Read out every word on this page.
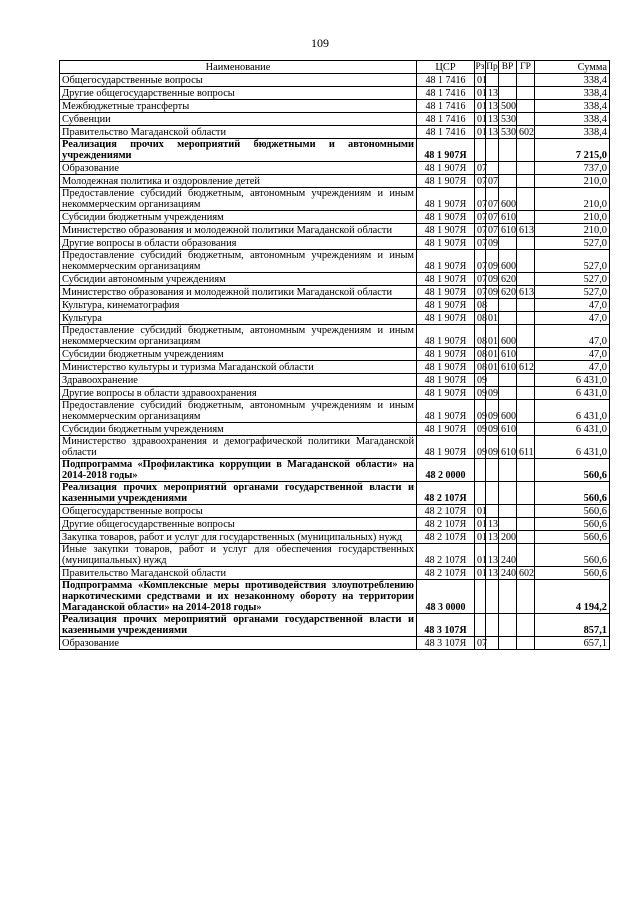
109
Наименование	ЦСР	Рз	Пр	ВР	ГР	Сумма
Общегосударственные вопросы	48 1 7416	01				338,4
Другие общегосударственные вопросы	48 1 7416	01	13			338,4
Межбюджетные трансферты	48 1 7416	01	13	500		338,4
Субвенции	48 1 7416	01	13	530		338,4
Правительство Магаданской области	48 1 7416	01	13	530	602	338,4
Реализация прочих мероприятий бюджетными и автономными учреждениями	48 1 907Я					7 215,0
Образование	48 1 907Я	07				737,0
Молодежная политика и оздоровление детей	48 1 907Я	07	07			210,0
Предоставление субсидий бюджетным, автономным учреждениям и иным некоммерческим организациям	48 1 907Я	07	07	600		210,0
Субсидии бюджетным учреждениям	48 1 907Я	07	07	610		210,0
Министерство образования и молодежной политики Магаданской области	48 1 907Я	07	07	610	613	210,0
Другие вопросы в области образования	48 1 907Я	07	09			527,0
Предоставление субсидий бюджетным, автономным учреждениям и иным некоммерческим организациям	48 1 907Я	07	09	600		527,0
Субсидии автономным учреждениям	48 1 907Я	07	09	620		527,0
Министерство образования и молодежной политики Магаданской области	48 1 907Я	07	09	620	613	527,0
Культура, кинематография	48 1 907Я	08				47,0
Культура	48 1 907Я	08	01			47,0
Предоставление субсидий бюджетным, автономным учреждениям и иным некоммерческим организациям	48 1 907Я	08	01	600		47,0
Субсидии бюджетным учреждениям	48 1 907Я	08	01	610		47,0
Министерство культуры и туризма Магаданской области	48 1 907Я	08	01	610	612	47,0
Здравоохранение	48 1 907Я	09				6 431,0
Другие вопросы в области здравоохранения	48 1 907Я	09	09			6 431,0
Предоставление субсидий бюджетным, автономным учреждениям и иным некоммерческим организациям	48 1 907Я	09	09	600		6 431,0
Субсидии бюджетным учреждениям	48 1 907Я	09	09	610		6 431,0
Министерство здравоохранения и демографической политики Магаданской области	48 1 907Я	09	09	610	611	6 431,0
Подпрограмма «Профилактика коррупции в Магаданской области» на 2014-2018 годы»	48 2 0000					560,6
Реализация прочих мероприятий органами государственной власти и казенными учреждениями	48 2 107Я					560,6
Общегосударственные вопросы	48 2 107Я	01				560,6
Другие общегосударственные вопросы	48 2 107Я	01	13			560,6
Закупка товаров, работ и услуг для государственных (муниципальных) нужд	48 2 107Я	01	13	200		560,6
Иные закупки товаров, работ и услуг для обеспечения государственных (муниципальных) нужд	48 2 107Я	01	13	240		560,6
Правительство Магаданской области	48 2 107Я	01	13	240	602	560,6
Подпрограмма «Комплексные меры противодействия злоупотреблению наркотическими средствами и их незаконному обороту на территории Магаданской области» на 2014-2018 годы»	48 3 0000					4 194,2
Реализация прочих мероприятий органами государственной власти и казенными учреждениями	48 3 107Я					857,1
Образование	48 3 107Я	07				657,1
